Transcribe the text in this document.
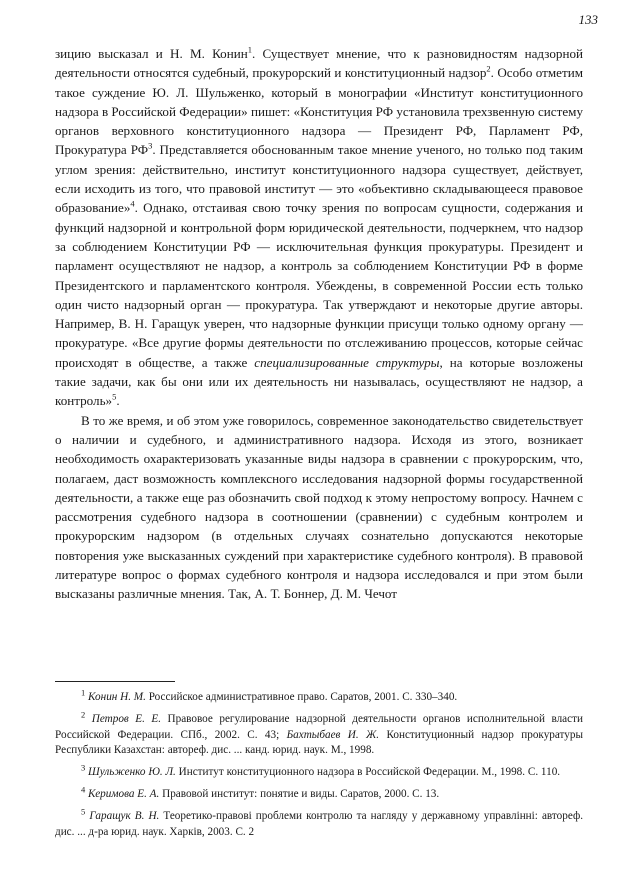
133

зицию высказал и Н. М. Конин$^1$. Существует мнение, что к разновидностям надзорной деятельности относятся судебный, прокурорский и конституционный надзор$^2$. Особо отметим такое суждение Ю. Л. Шульженко, который в монографии «Институт конституционного надзора в Российской Федерации» пишет: «Конституция РФ установила трехзвенную систему органов верховного конституционного надзора — Президент РФ, Парламент РФ, Прокуратура $РФ^3$. Представляется обоснованным такое мнение ученого, но только под таким углом зрения: действительно, институт конституционного надзора существует, действует, если исходить из того, что правовой институт — это «объективно складывающееся правовое образование»$^4$. Однако, отстаивая свою точку зрения по вопросам сущности, содержания и функций надзорной и контрольной форм юридической деятельности, подчеркнем, что надзор за соблюдением Конституции РФ — исключительная функция прокуратуры. Президент и парламент осуществляют не надзор, а контроль за соблюдением Конституции РФ в форме Президентского и парламентского контроля. Убеждены, в современной России есть только один чисто надзорный орган — прокуратура. Так утверждают и некоторые другие авторы. Например, В. Н. Гаращук уверен, что надзорные функции присущи только одному органу — прокуратуре. «Все другие формы деятельности по отслеживанию процессов, которые сейчас происходят в обществе, а также специализированные структуры, на которые возложены такие задачи, как бы они или их деятельность ни называлась, осуществляют не надзор, а контроль»$^5$.

В то же время, и об этом уже говорилось, современное законодательство свидетельствует о наличии и судебного, и административного надзора. Исходя из этого, возникает необходимость охарактеризовать указанные виды надзора в сравнении с прокурорским, что, полагаем, даст возможность комплексного исследования надзорной формы государственной деятельности, а также еще раз обозначить свой подход к этому непростому вопросу. Начнем с рассмотрения судебного надзора в соотношении (сравнении) с судебным контролем и прокурорским надзором (в отдельных случаях сознательно допускаются некоторые повторения уже высказанных суждений при характеристике судебного контроля). В правовой литературе вопрос о формах судебного контроля и надзора исследовался и при этом были высказаны различные мнения. Так, А. Т. Боннер, Д. М. Чечот

$^1$ Конин Н. М. Российское административное право. Саратов, 2001. С. 330–340.
$^2$ Петров Е. Е. Правовое регулирование надзорной деятельности органов исполнительной власти Российской Федерации. СПб., 2002. С. 43; Бахтыбаев И. Ж. Конституционный надзор прокуратуры Республики Казахстан: автореф. дис. ... канд. юрид. наук. М., 1998.
$^3$ Шульженко Ю. Л. Институт конституционного надзора в Российской Федерации. М., 1998. С. 110.
$^4$ Керимова Е. А. Правовой институт: понятие и виды. Саратов, 2000. С. 13.
$^5$ Гаращук В. Н. Теоретико-правові проблеми контролю та нагляду у державному управлінні: автореф. дис. ... д-ра юрид. наук. Харків, 2003. С. 2
